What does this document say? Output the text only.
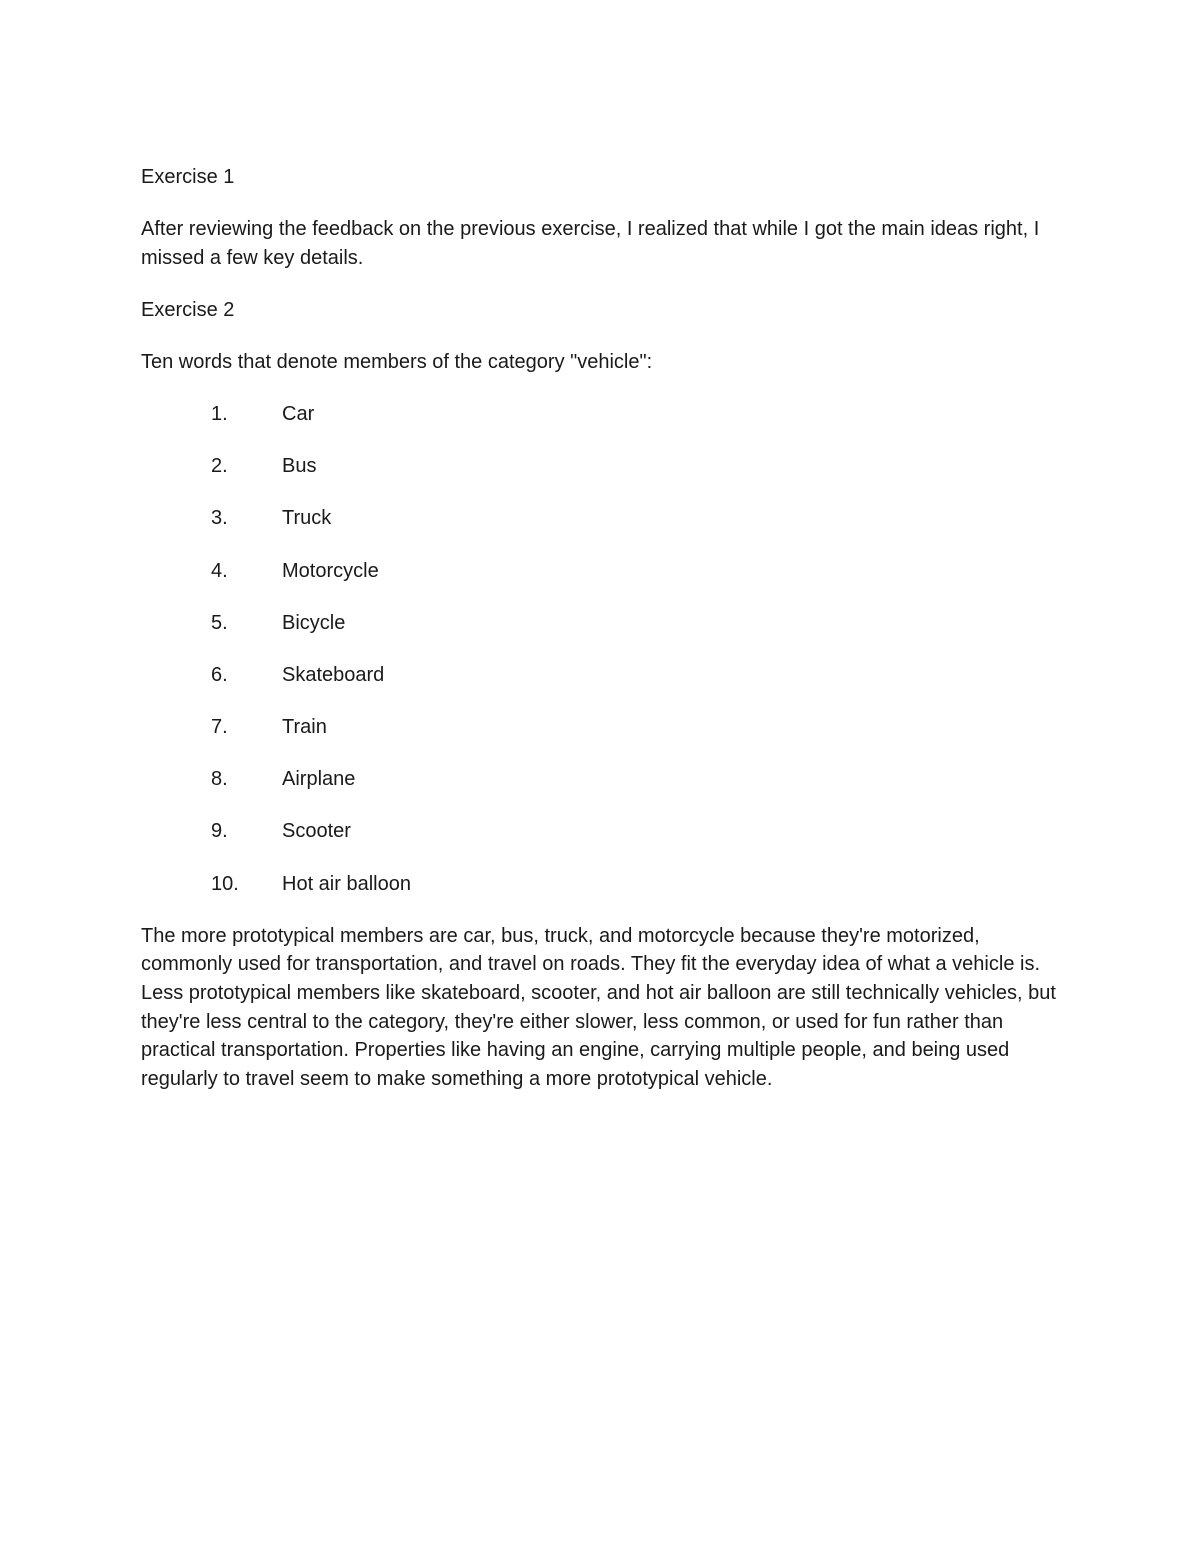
Exercise 1

After reviewing the feedback on the previous exercise, I realized that while I got the main ideas right, I missed a few key details.

Exercise 2

Ten words that denote members of the category "vehicle":

1.	Car
2.	Bus
3.	Truck
4.	Motorcycle
5.	Bicycle
6.	Skateboard
7.	Train
8.	Airplane
9.	Scooter
10.	Hot air balloon

The more prototypical members are car, bus, truck, and motorcycle because they're motorized, commonly used for transportation, and travel on roads. They fit the everyday idea of what a vehicle is. Less prototypical members like skateboard, scooter, and hot air balloon are still technically vehicles, but they're less central to the category, they're either slower, less common, or used for fun rather than practical transportation. Properties like having an engine, carrying multiple people, and being used regularly to travel seem to make something a more prototypical vehicle.
